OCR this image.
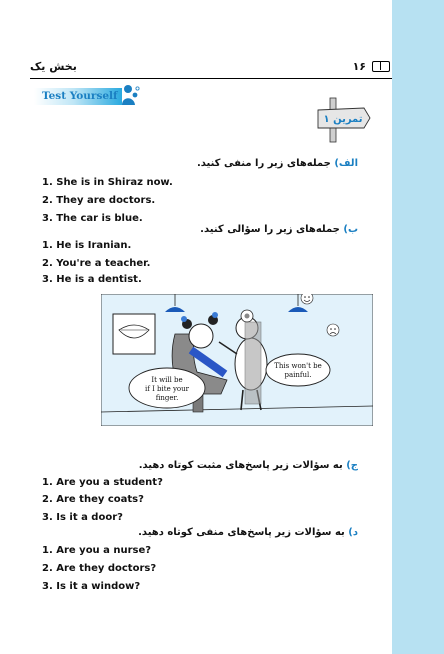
بخش یک	۱۶
Test Yourself
تمرین ۱
الف) جمله‌های زیر را منفی کنید.
1. She is in Shiraz now.
2. They are doctors.
3. The car is blue.
ب) جمله‌های زیر را سؤالی کنید.
1. He is Iranian.
2. You're a teacher.
3. He is a dentist.
It will be
if I bite your
finger.
This won't be
painful.
ج) به سؤالات زیر پاسخ‌های مثبت کوتاه دهید.
1. Are you a student?
2. Are they coats?
3. Is it a door?
د) به سؤالات زیر پاسخ‌های منفی کوتاه دهید.
1. Are you a nurse?
2. Are they doctors?
3. Is it a window?
